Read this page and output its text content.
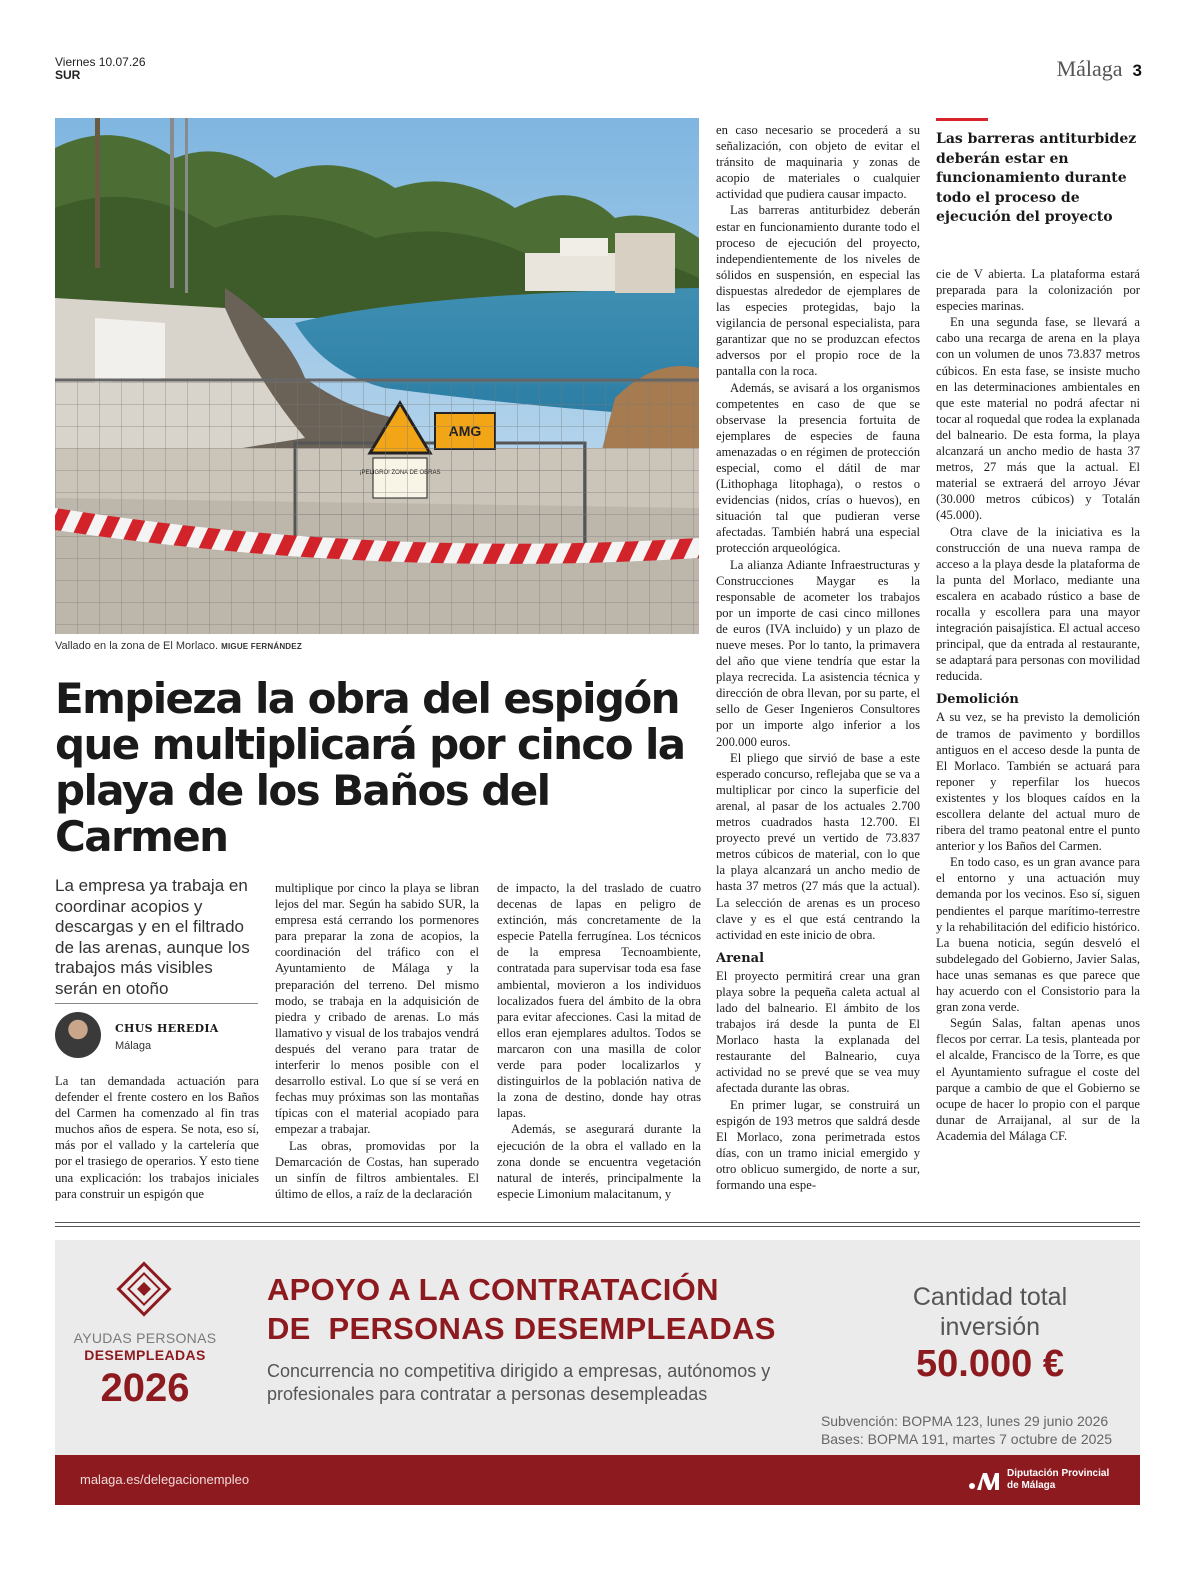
Viernes 10.07.26
SUR	Málaga 3
Vallado en la zona de El Morlaco. MIGUE FERNÁNDEZ
Empieza la obra del espigón que multiplicará por cinco la playa de los Baños del Carmen
La empresa ya trabaja en coordinar acopios y descargas y en el filtrado de las arenas, aunque los trabajos más visibles serán en otoño
CHUS HEREDIA
Málaga
Las barreras antiturbidez deberán estar en funcionamiento durante todo el proceso de ejecución del proyecto

La tan demandada actuación para defender el frente costero en los Baños del Carmen ha comenzado al fin tras muchos años de espera. Se nota, eso sí, más por el vallado y la cartelería que por el trasiego de operarios. Y esto tiene una explicación: los trabajos iniciales para construir un espigón que

multiplique por cinco la playa se libran lejos del mar. Según ha sabido SUR, la empresa está cerrando los pormenores para preparar la zona de acopios, la coordinación del tráfico con el Ayuntamiento de Málaga y la preparación del terreno. Del mismo modo, se trabaja en la adquisición de piedra y cribado de arenas. Lo más llamativo y visual de los trabajos vendrá después del verano para tratar de interferir lo menos posible con el desarrollo estival. Lo que sí se verá en fechas muy próximas son las montañas típicas con el material acopiado para empezar a trabajar.

Las obras, promovidas por la Demarcación de Costas, han superado un sinfín de filtros ambientales. El último de ellos, a raíz de la declaración

de impacto, la del traslado de cuatro decenas de lapas en peligro de extinción, más concretamente de la especie Patella ferrugínea. Los técnicos de la empresa Tecnoambiente, contratada para supervisar toda esa fase ambiental, movieron a los individuos localizados fuera del ámbito de la obra para evitar afecciones. Casi la mitad de ellos eran ejemplares adultos. Todos se marcaron con una masilla de color verde para poder localizarlos y distinguirlos de la población nativa de la zona de destino, donde hay otras lapas.

Además, se asegurará durante la ejecución de la obra el vallado en la zona donde se encuentra vegetación natural de interés, principalmente la especie Limonium malacitanum, y

en caso necesario se procederá a su señalización, con objeto de evitar el tránsito de maquinaria y zonas de acopio de materiales o cualquier actividad que pudiera causar impacto.

Las barreras antiturbidez deberán estar en funcionamiento durante todo el proceso de ejecución del proyecto, independientemente de los niveles de sólidos en suspensión, en especial las dispuestas alrededor de ejemplares de las especies protegidas, bajo la vigilancia de personal especialista, para garantizar que no se produzcan efectos adversos por el propio roce de la pantalla con la roca.

Además, se avisará a los organismos competentes en caso de que se observase la presencia fortuita de ejemplares de especies de fauna amenazadas o en régimen de protección especial, como el dátil de mar (Lithophaga litophaga), o restos o evidencias (nidos, crías o huevos), en situación tal que pudieran verse afectadas. También habrá una especial protección arqueológica.

La alianza Adiante Infraestructuras y Construcciones Maygar es la responsable de acometer los trabajos por un importe de casi cinco millones de euros (IVA incluido) y un plazo de nueve meses. Por lo tanto, la primavera del año que viene tendría que estar la playa recrecida. La asistencia técnica y dirección de obra llevan, por su parte, el sello de Geser Ingenieros Consultores por un importe algo inferior a los 200.000 euros.

El pliego que sirvió de base a este esperado concurso, reflejaba que se va a multiplicar por cinco la superficie del arenal, al pasar de los actuales 2.700 metros cuadrados hasta 12.700. El proyecto prevé un vertido de 73.837 metros cúbicos de material, con lo que la playa alcanzará un ancho medio de hasta 37 metros (27 más que la actual). La selección de arenas es un proceso clave y es el que está centrando la actividad en este inicio de obra.

Arenal

El proyecto permitirá crear una gran playa sobre la pequeña caleta actual al lado del balneario. El ámbito de los trabajos irá desde la punta de El Morlaco hasta la explanada del restaurante del Balneario, cuya actividad no se prevé que se vea muy afectada durante las obras.

En primer lugar, se construirá un espigón de 193 metros que saldrá desde El Morlaco, zona perimetrada estos días, con un tramo inicial emergido y otro oblicuo sumergido, de norte a sur, formando una espe-

cie de V abierta. La plataforma estará preparada para la colonización por especies marinas.

En una segunda fase, se llevará a cabo una recarga de arena en la playa con un volumen de unos 73.837 metros cúbicos. En esta fase, se insiste mucho en las determinaciones ambientales en que este material no podrá afectar ni tocar al roquedal que rodea la explanada del balneario. De esta forma, la playa alcanzará un ancho medio de hasta 37 metros, 27 más que la actual. El material se extraerá del arroyo Jévar (30.000 metros cúbicos) y Totalán (45.000).

Otra clave de la iniciativa es la construcción de una nueva rampa de acceso a la playa desde la plataforma de la punta del Morlaco, mediante una escalera en acabado rústico a base de rocalla y escollera para una mayor integración paisajística. El actual acceso principal, que da entrada al restaurante, se adaptará para personas con movilidad reducida.

Demolición

A su vez, se ha previsto la demolición de tramos de pavimento y bordillos antiguos en el acceso desde la punta de El Morlaco. También se actuará para reponer y reperfilar los huecos existentes y los bloques caídos en la escollera delante del actual muro de ribera del tramo peatonal entre el punto anterior y los Baños del Carmen.

En todo caso, es un gran avance para el entorno y una actuación muy demanda por los vecinos. Eso sí, siguen pendientes el parque marítimo-terrestre y la rehabilitación del edificio histórico. La buena noticia, según desveló el subdelegado del Gobierno, Javier Salas, hace unas semanas es que parece que hay acuerdo con el Consistorio para la gran zona verde.

Según Salas, faltan apenas unos flecos por cerrar. La tesis, planteada por el alcalde, Francisco de la Torre, es que el Ayuntamiento sufrague el coste del parque a cambio de que el Gobierno se ocupe de hacer lo propio con el parque dunar de Arraijanal, al sur de la Academia del Málaga CF.

AYUDAS PERSONAS
DESEMPLEADAS
2026
APOYO A LA CONTRATACIÓN
DE  PERSONAS DESEMPLEADAS
Concurrencia no competitiva dirigido a empresas, autónomos y profesionales para contratar a personas desempleadas
Cantidad total
inversión
50.000 €
Subvención: BOPMA 123, lunes 29 junio 2026
Bases: BOPMA 191, martes 7 octubre de 2025
malaga.es/delegacionempleo	Diputación Provincial
de Málaga
